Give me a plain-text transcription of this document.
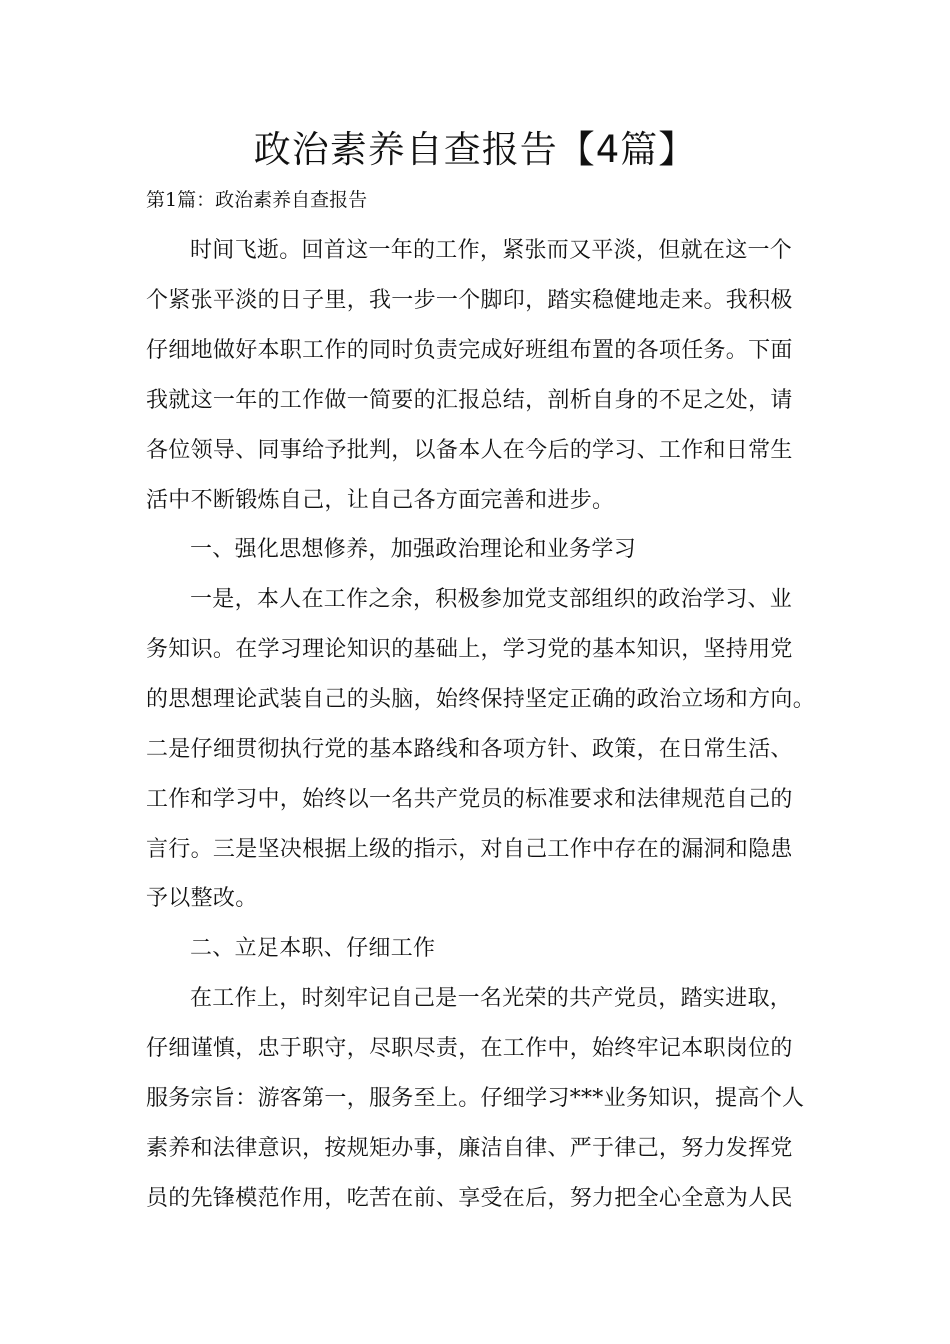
政治素养自查报告【4篇】
第1篇：政治素养自查报告
时间飞逝。回首这一年的工作，紧张而又平淡，但就在这一个
个紧张平淡的日子里，我一步一个脚印，踏实稳健地走来。我积极
仔细地做好本职工作的同时负责完成好班组布置的各项任务。下面
我就这一年的工作做一简要的汇报总结，剖析自身的不足之处，请
各位领导、同事给予批判，以备本人在今后的学习、工作和日常生
活中不断锻炼自己，让自己各方面完善和进步。
一、强化思想修养，加强政治理论和业务学习
一是，本人在工作之余，积极参加党支部组织的政治学习、业
务知识。在学习理论知识的基础上，学习党的基本知识，坚持用党
的思想理论武装自己的头脑，始终保持坚定正确的政治立场和方向。
二是仔细贯彻执行党的基本路线和各项方针、政策，在日常生活、
工作和学习中，始终以一名共产党员的标准要求和法律规范自己的
言行。三是坚决根据上级的指示，对自己工作中存在的漏洞和隐患
予以整改。
二、立足本职、仔细工作
在工作上，时刻牢记自己是一名光荣的共产党员，踏实进取，
仔细谨慎，忠于职守，尽职尽责，在工作中，始终牢记本职岗位的
服务宗旨：游客第一，服务至上。仔细学习***业务知识，提高个人
素养和法律意识，按规矩办事，廉洁自律、严于律己，努力发挥党
员的先锋模范作用，吃苦在前、享受在后，努力把全心全意为人民
